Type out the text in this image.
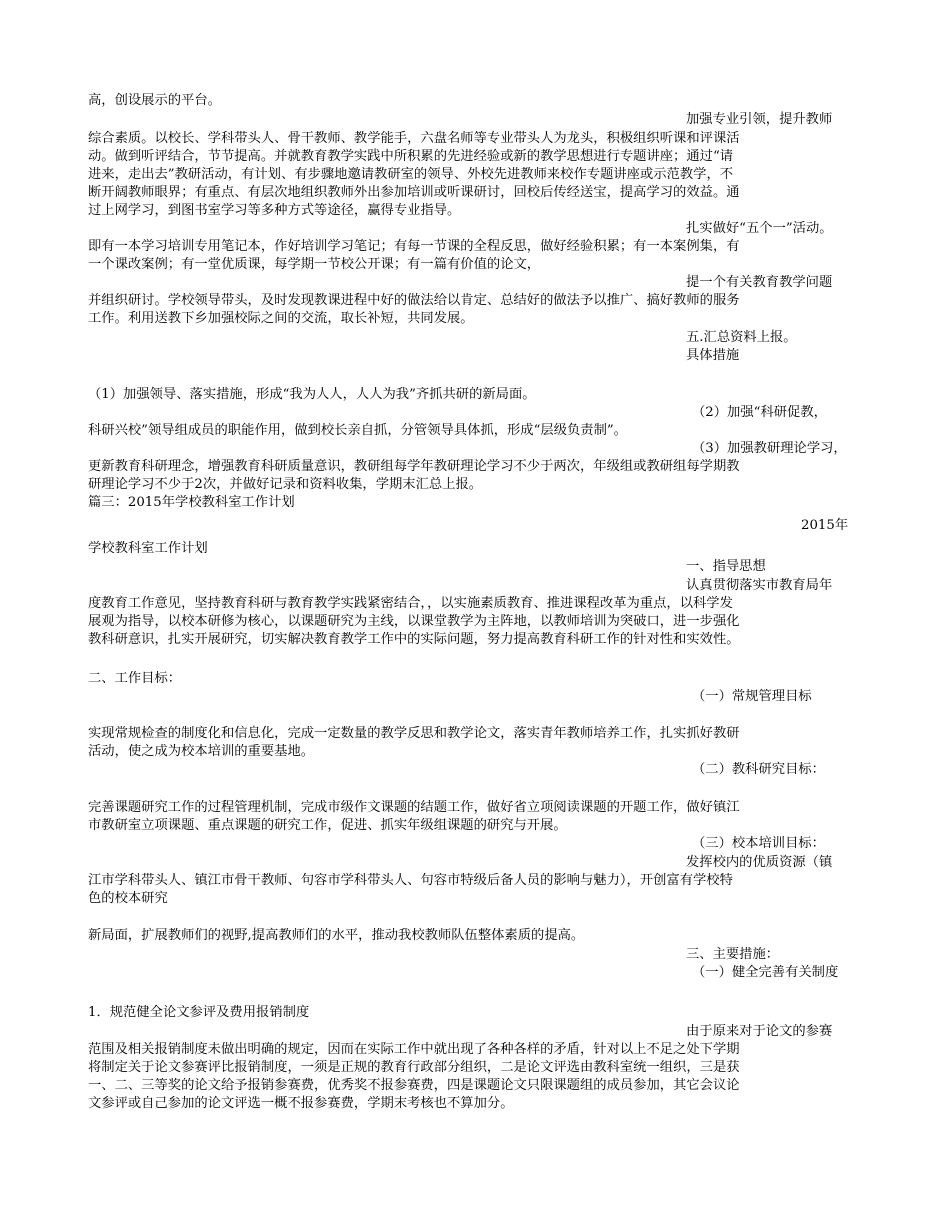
高，创设展示的平台。
加强专业引领，提升教师
综合素质。以校长、学科带头人、骨干教师、教学能手，六盘名师等专业带头人为龙头，积极组织听课和评课活
动。做到听评结合，节节提高。并就教育教学实践中所积累的先进经验或新的教学思想进行专题讲座；通过“请
进来，走出去”教研活动，有计划、有步骤地邀请教研室的领导、外校先进教师来校作专题讲座或示范教学，不
断开阔教师眼界；有重点、有层次地组织教师外出参加培训或听课研讨，回校后传经送宝，提高学习的效益。通
过上网学习，到图书室学习等多种方式等途径，赢得专业指导。
扎实做好“五个一”活动。
即有一本学习培训专用笔记本，作好培训学习笔记；有每一节课的全程反思，做好经验积累；有一本案例集，有
一个课改案例；有一堂优质课，每学期一节校公开课；有一篇有价值的论文，
提一个有关教育教学问题
并组织研讨。学校领导带头，及时发现教课进程中好的做法给以肯定、总结好的做法予以推广、搞好教师的服务
工作。利用送教下乡加强校际之间的交流，取长补短，共同发展。
五.汇总资料上报。
具体措施
（1）加强领导、落实措施，形成“我为人人，人人为我”齐抓共研的新局面。
（2）加强“科研促教，
科研兴校”领导组成员的职能作用，做到校长亲自抓，分管领导具体抓，形成“层级负责制”。
（3）加强教研理论学习，
更新教育科研理念，增强教育科研质量意识，教研组每学年教研理论学习不少于两次，年级组或教研组每学期教
研理论学习不少于2次，并做好记录和资料收集，学期末汇总上报。
篇三：2015年学校教科室工作计划
2015年
学校教科室工作计划
一、指导思想
认真贯彻落实市教育局年
度教育工作意见，坚持教育科研与教育教学实践紧密结合，，以实施素质教育、推进课程改革为重点，以科学发
展观为指导，以校本研修为核心，以课题研究为主线，以课堂教学为主阵地，以教师培训为突破口，进一步强化
教科研意识，扎实开展研究，切实解决教育教学工作中的实际问题，努力提高教育科研工作的针对性和实效性。
二、工作目标：
（一）常规管理目标
实现常规检查的制度化和信息化，完成一定数量的教学反思和教学论文，落实青年教师培养工作，扎实抓好教研
活动，使之成为校本培训的重要基地。
（二）教科研究目标：
完善课题研究工作的过程管理机制，完成市级作文课题的结题工作，做好省立项阅读课题的开题工作，做好镇江
市教研室立项课题、重点课题的研究工作，促进、抓实年级组课题的研究与开展。
（三）校本培训目标：
发挥校内的优质资源（镇
江市学科带头人、镇江市骨干教师、句容市学科带头人、句容市特级后备人员的影响与魅力），开创富有学校特
色的校本研究
新局面，扩展教师们的视野,提高教师们的水平，推动我校教师队伍整体素质的提高。
三、主要措施：
（一）健全完善有关制度
1．规范健全论文参评及费用报销制度
由于原来对于论文的参赛
范围及相关报销制度未做出明确的规定，因而在实际工作中就出现了各种各样的矛盾，针对以上不足之处下学期
将制定关于论文参赛评比报销制度，一须是正规的教育行政部分组织，二是论文评选由教科室统一组织，三是获
一、二、三等奖的论文给予报销参赛费，优秀奖不报参赛费，四是课题论文只限课题组的成员参加，其它会议论
文参评或自己参加的论文评选一概不报参赛费，学期末考核也不算加分。
